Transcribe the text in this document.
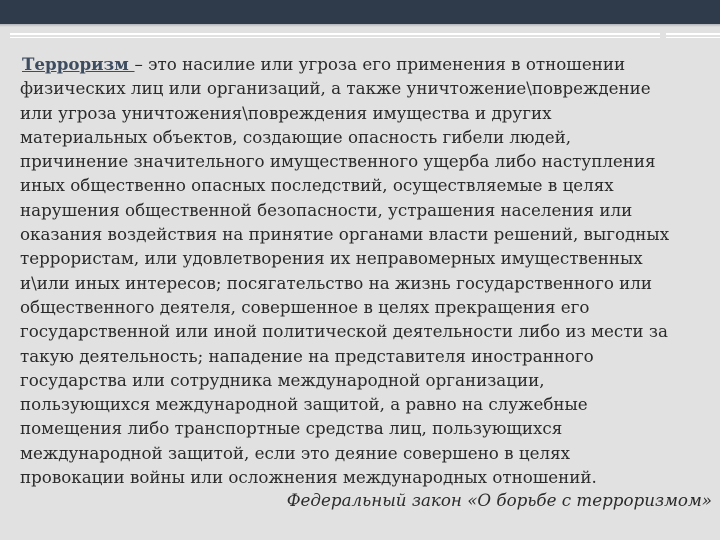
Терроризм – это насилие или угроза его применения в отношении
физических лиц или организаций, а также уничтожение\повреждение
или угроза уничтожения\повреждения имущества и других
материальных объектов, создающие опасность гибели людей,
причинение значительного имущественного ущерба либо наступления
иных общественно опасных последствий, осуществляемые в целях
нарушения общественной безопасности, устрашения населения или
оказания воздействия на принятие органами власти решений, выгодных
террористам, или удовлетворения их неправомерных имущественных
и\или иных интересов; посягательство на жизнь государственного или
общественного деятеля, совершенное в целях прекращения его
государственной или иной политической деятельности либо из мести за
такую деятельность; нападение на представителя иностранного
государства или сотрудника международной организации,
пользующихся международной защитой, а равно на служебные
помещения либо транспортные средства лиц, пользующихся
международной защитой, если это деяние совершено в целях
провокации войны или осложнения международных отношений.
Федеральный закон «О борьбе с терроризмом»
